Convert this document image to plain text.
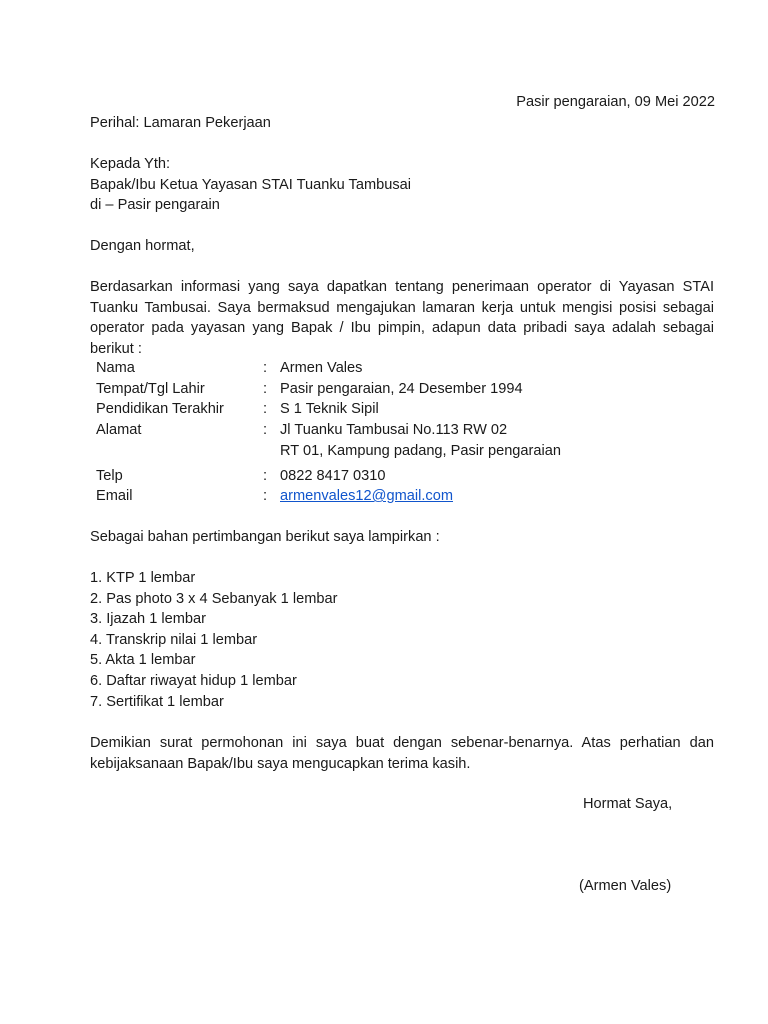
Pasir pengaraian, 09 Mei 2022
Perihal: Lamaran Pekerjaan
Kepada Yth:
Bapak/Ibu Ketua Yayasan STAI Tuanku Tambusai
di – Pasir pengarain
Dengan hormat,
Berdasarkan informasi yang saya dapatkan tentang penerimaan operator di Yayasan STAI Tuanku Tambusai. Saya bermaksud mengajukan lamaran kerja untuk mengisi posisi sebagai operator pada yayasan yang Bapak / Ibu pimpin, adapun data pribadi saya adalah sebagai berikut :
Nama	: Armen Vales
Tempat/Tgl Lahir	: Pasir pengaraian, 24 Desember 1994
Pendidikan Terakhir	: S 1 Teknik Sipil
Alamat	: Jl Tuanku Tambusai No.113 RW 02
RT 01, Kampung padang, Pasir pengaraian
Telp	: 0822 8417 0310
Email	: armenvales12@gmail.com
Sebagai bahan pertimbangan berikut saya lampirkan :
1. KTP 1 lembar
2. Pas photo 3 x 4 Sebanyak 1 lembar
3. Ijazah 1 lembar
4. Transkrip nilai 1 lembar
5. Akta 1 lembar
6. Daftar riwayat hidup 1 lembar
7. Sertifikat 1 lembar
Demikian surat permohonan ini saya buat dengan sebenar-benarnya. Atas perhatian dan kebijaksanaan Bapak/Ibu saya mengucapkan terima kasih.
Hormat Saya,
(Armen Vales)
